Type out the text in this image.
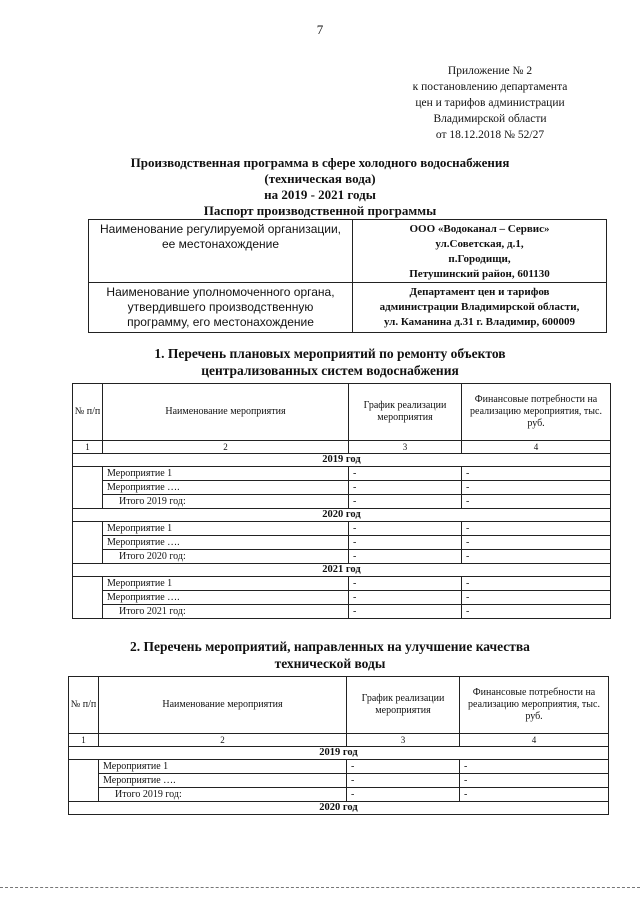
7
Приложение № 2
к постановлению департамента
цен и тарифов администрации
Владимирской области
от 18.12.2018 № 52/27
Производственная программа в сфере холодного водоснабжения
(техническая вода)
на 2019 - 2021 годы
Паспорт производственной программы
Наименование регулируемой организации, ее местонахождение	ООО «Водоканал – Сервис»
ул.Советская, д.1,
п.Городищи,
Петушинский район, 601130

Наименование уполномоченного органа, утвердившего производственную программу, его местонахождение	Департамент цен и тарифов
администрации Владимирской области,
ул. Каманина д.31 г. Владимир, 600009
1. Перечень плановых мероприятий по ремонту объектов
централизованных систем водоснабжения
№ п/п	Наименование мероприятия	График реализации мероприятия	Финансовые потребности на реализацию мероприятия, тыс. руб.
1	2	3	4
2019 год			
	Мероприятие 1	-	-
	Мероприятие ….	-	-
	Итого 2019 год:	-	-
2020 год			
	Мероприятие 1	-	-
	Мероприятие ….	-	-
	Итого 2020 год:	-	-
2021 год			
	Мероприятие 1	-	-
	Мероприятие ….	-	-
	Итого 2021 год:	-	-
2. Перечень мероприятий, направленных на улучшение качества
технической воды
№ п/п	Наименование мероприятия	График реализации мероприятия	Финансовые потребности на реализацию мероприятия, тыс. руб.
1	2	3	4
2019 год			
	Мероприятие 1	-	-
	Мероприятие ….	-	-
	Итого 2019 год:	-	-
2020 год			
